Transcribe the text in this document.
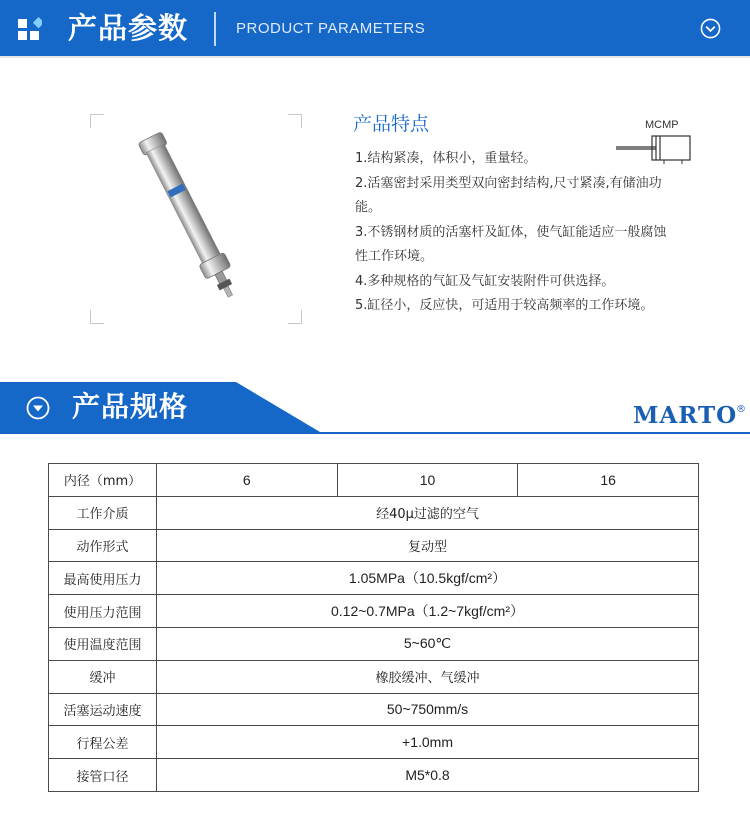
产品参数	PRODUCT PARAMETERS
产品特点
1.结构紧凑，体积小，重量轻。
2.活塞密封采用类型双向密封结构,尺寸紧凑,有储油功
能。
3.不锈钢材质的活塞杆及缸体，使气缸能适应一般腐蚀
性工作环境。
4.多种规格的气缸及气缸安装附件可供选择。
5.缸径小，反应快，可适用于较高频率的工作环境。
MCMP
产品规格	MARTO
®
内径（mm）	6	10	16
工作介质	经40μ过滤的空气		
动作形式	复动型		
最高使用压力	1.05MPa（10.5kgf/cm²）		
使用压力范围	0.12~0.7MPa（1.2~7kgf/cm²）		
使用温度范围	5~60℃		
缓冲	橡胶缓冲、气缓冲		
活塞运动速度	50~750mm/s		
行程公差	+1.0mm		
接管口径	M5*0.8		
